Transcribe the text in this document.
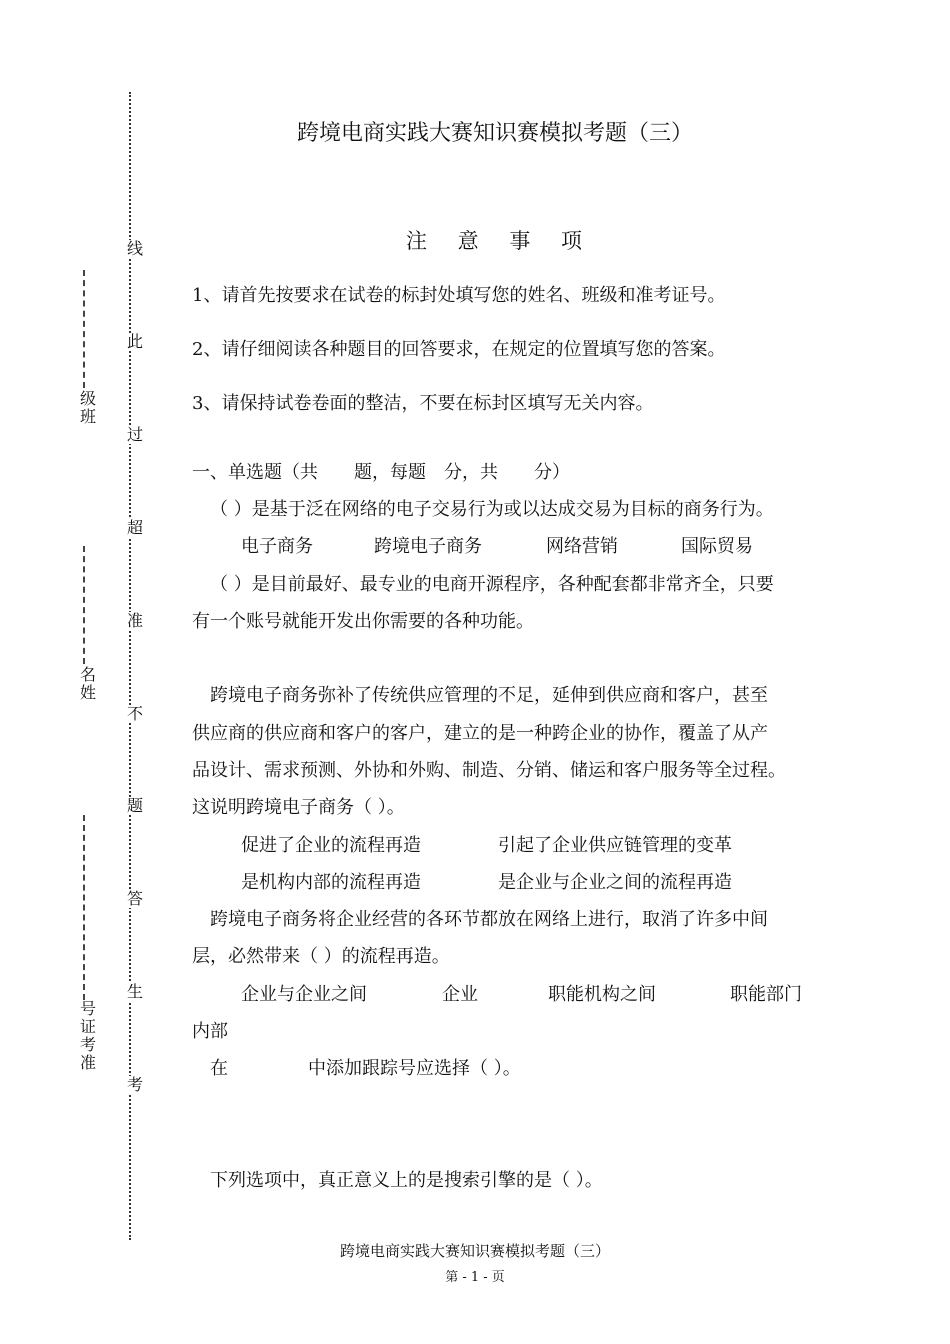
线
此
过
超
准
不
题
答
生
考
级班
名姓
号证考准
跨境电商实践大赛知识赛模拟考题（三）
注 意 事 项
1、请首先按要求在试卷的标封处填写您的姓名、班级和准考证号。
2、请仔细阅读各种题目的回答要求，在规定的位置填写您的答案。
3、请保持试卷卷面的整洁，不要在标封区填写无关内容。
一、单选题（共　　题，每题　分，共　　分）
（ ）是基于泛在网络的电子交易行为或以达成交易为目标的商务行为。
电子商务	跨境电子商务	网络营销	国际贸易
（ ）是目前最好、最专业的电商开源程序，各种配套都非常齐全，只要
有一个账号就能开发出你需要的各种功能。
跨境电子商务弥补了传统供应管理的不足，延伸到供应商和客户，甚至
供应商的供应商和客户的客户，建立的是一种跨企业的协作，覆盖了从产
品设计、需求预测、外协和外购、制造、分销、储运和客户服务等全过程。
这说明跨境电子商务（ ）。
促进了企业的流程再造	引起了企业供应链管理的变革
是机构内部的流程再造	是企业与企业之间的流程再造
跨境电子商务将企业经营的各环节都放在网络上进行，取消了许多中间
层，必然带来（ ）的流程再造。
企业与企业之间	企业	职能机构之间	职能部门
内部
在	中添加跟踪号应选择（ ）。
下列选项中，真正意义上的是搜索引擎的是（ ）。
跨境电商实践大赛知识赛模拟考题（三）
第 - 1 - 页
